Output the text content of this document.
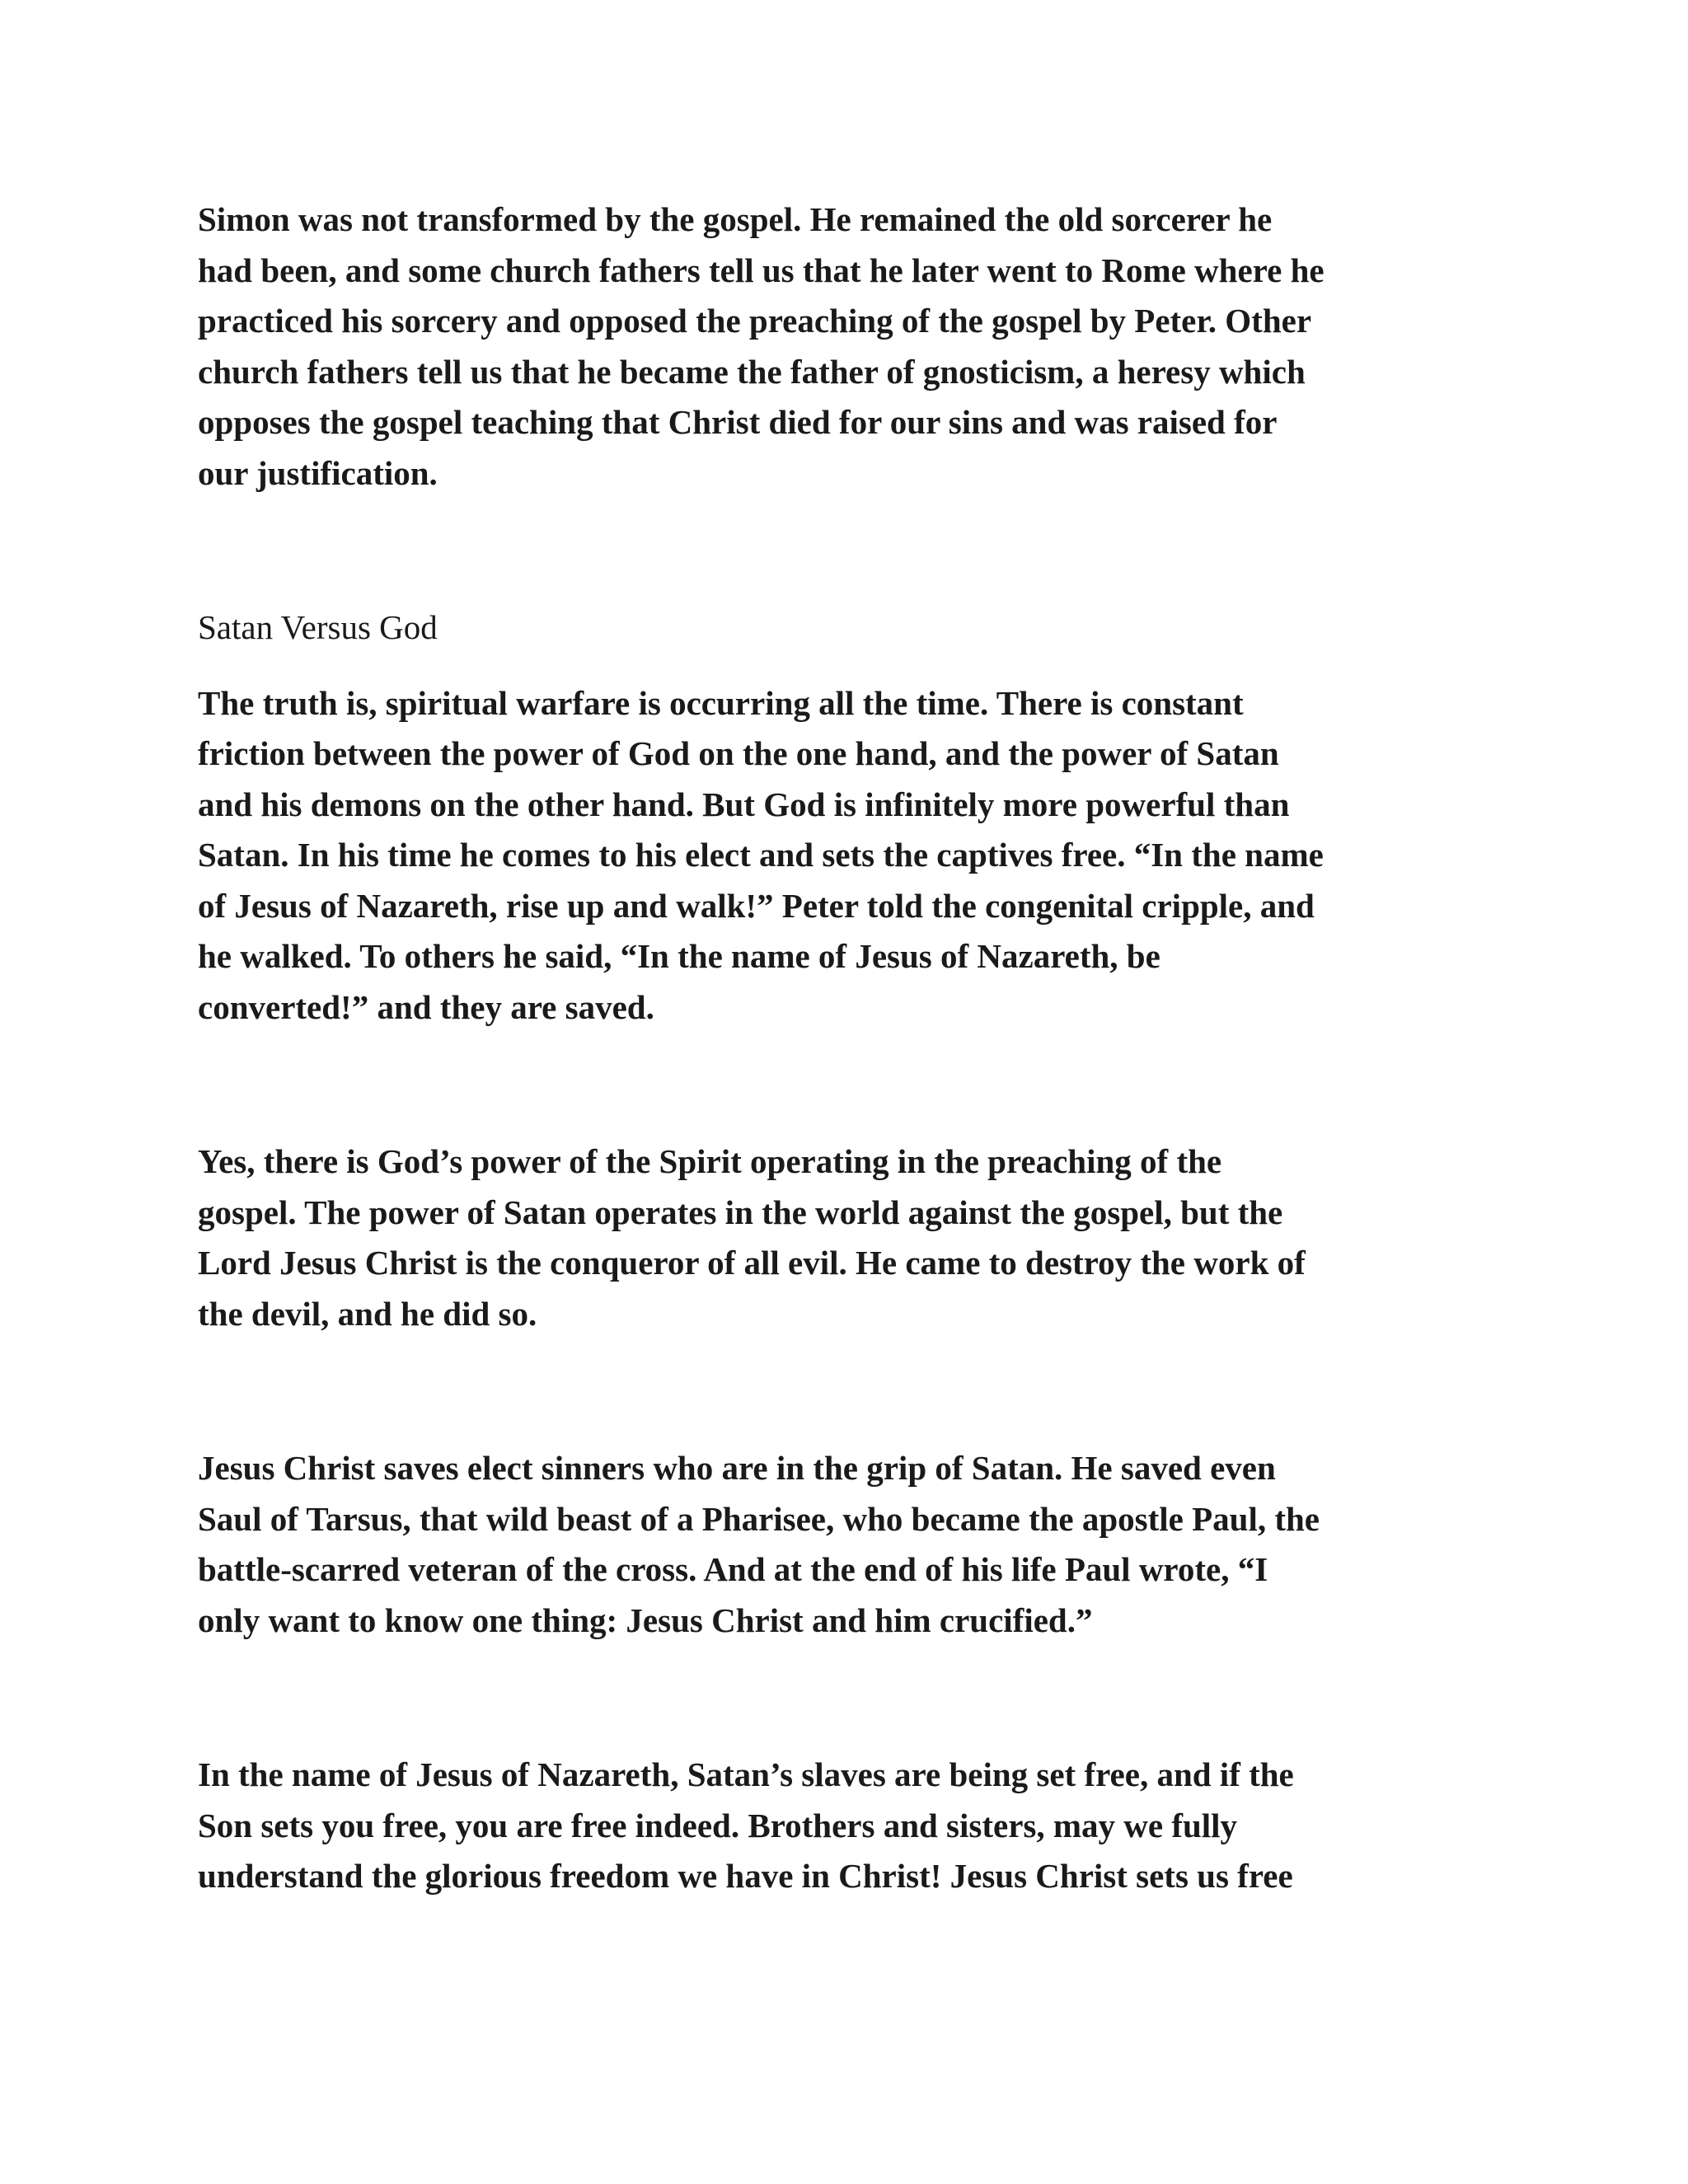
Simon was not transformed by the gospel. He remained the old sorcerer he
had been, and some church fathers tell us that he later went to Rome where he
practiced his sorcery and opposed the preaching of the gospel by Peter. Other
church fathers tell us that he became the father of gnosticism, a heresy which
opposes the gospel teaching that Christ died for our sins and was raised for
our justification.

Satan Versus God

The truth is, spiritual warfare is occurring all the time. There is constant
friction between the power of God on the one hand, and the power of Satan
and his demons on the other hand. But God is infinitely more powerful than
Satan. In his time he comes to his elect and sets the captives free. “In the name
of Jesus of Nazareth, rise up and walk!” Peter told the congenital cripple, and
he walked. To others he said, “In the name of Jesus of Nazareth, be
converted!” and they are saved.

Yes, there is God’s power of the Spirit operating in the preaching of the
gospel. The power of Satan operates in the world against the gospel, but the
Lord Jesus Christ is the conqueror of all evil. He came to destroy the work of
the devil, and he did so.

Jesus Christ saves elect sinners who are in the grip of Satan. He saved even
Saul of Tarsus, that wild beast of a Pharisee, who became the apostle Paul, the
battle-scarred veteran of the cross. And at the end of his life Paul wrote, “I
only want to know one thing: Jesus Christ and him crucified.”

In the name of Jesus of Nazareth, Satan’s slaves are being set free, and if the
Son sets you free, you are free indeed. Brothers and sisters, may we fully
understand the glorious freedom we have in Christ! Jesus Christ sets us free
